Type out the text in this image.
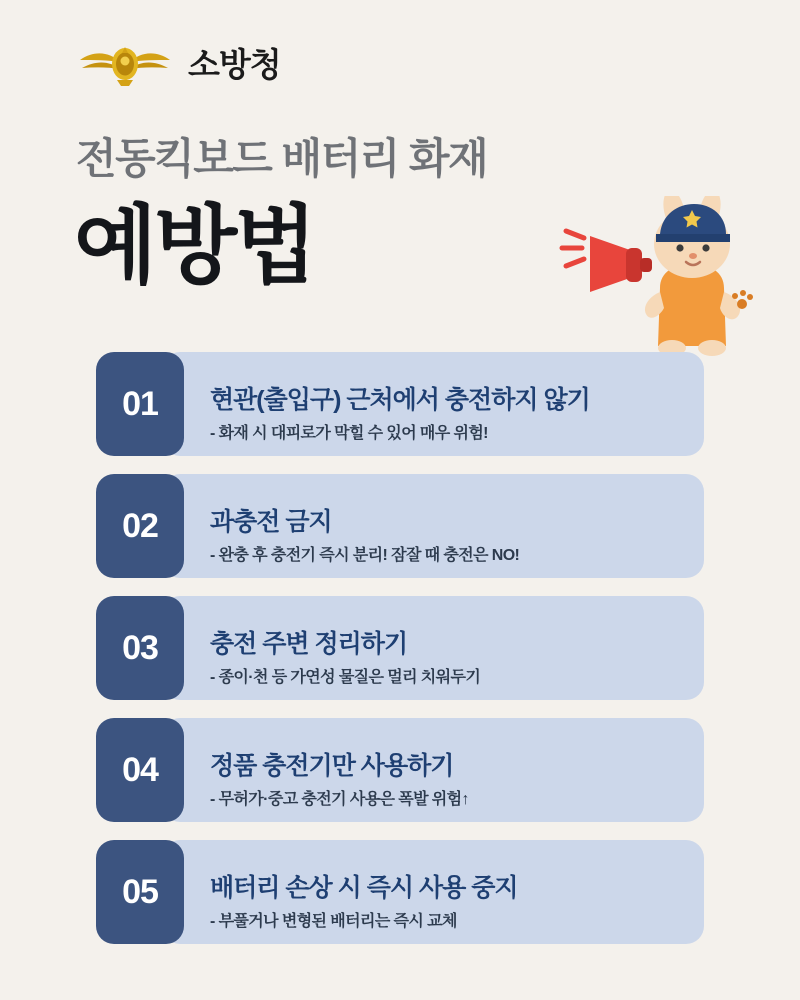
소방청
전동킥보드 배터리 화재
예방법
01	현관(출입구) 근처에서 충전하지 않기
- 화재 시 대피로가 막힐 수 있어 매우 위험!
02	과충전 금지
- 완충 후 충전기 즉시 분리! 잠잘 때 충전은 NO!
03	충전 주변 정리하기
- 종이·천 등 가연성 물질은 멀리 치워두기
04	정품 충전기만 사용하기
- 무허가·중고 충전기 사용은 폭발 위험↑
05	배터리 손상 시 즉시 사용 중지
- 부풀거나 변형된 배터리는 즉시 교체
